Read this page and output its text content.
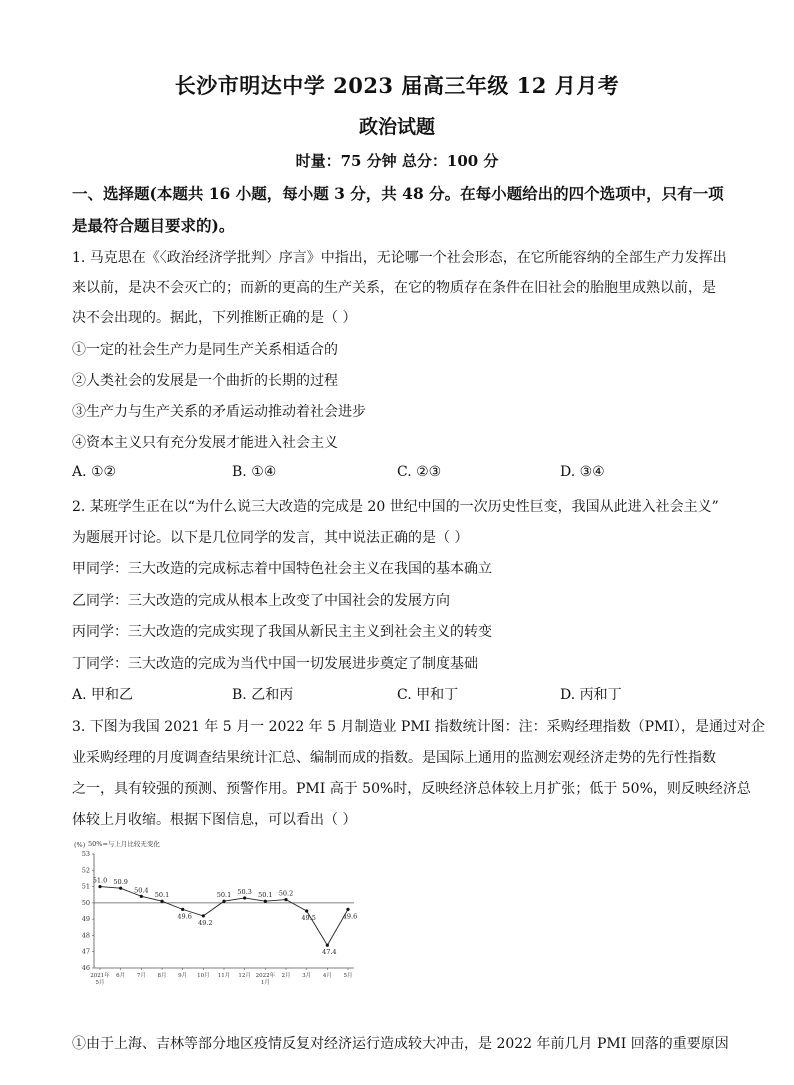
长沙市明达中学 2023 届高三年级 12 月月考
政治试题
时量：75 分钟 总分：100 分
一、选择题(本题共 16 小题，每小题 3 分，共 48 分。在每小题给出的四个选项中，只有一项
是最符合题目要求的)。
1. 马克思在《〈政治经济学批判〉序言》中指出，无论哪一个社会形态，在它所能容纳的全部生产力发挥出
来以前，是决不会灭亡的；而新的更高的生产关系，在它的物质存在条件在旧社会的胎胞里成熟以前，是
决不会出现的。据此，下列推断正确的是（ ）
①一定的社会生产力是同生产关系相适合的
②人类社会的发展是一个曲折的长期的过程
③生产力与生产关系的矛盾运动推动着社会进步
④资本主义只有充分发展才能进入社会主义
A. ①②	B. ①④	C. ②③	D. ③④
2. 某班学生正在以“为什么说三大改造的完成是 20 世纪中国的一次历史性巨变，我国从此进入社会主义”
为题展开讨论。以下是几位同学的发言，其中说法正确的是（ ）
甲同学：三大改造的完成标志着中国特色社会主义在我国的基本确立
乙同学：三大改造的完成从根本上改变了中国社会的发展方向
丙同学：三大改造的完成实现了我国从新民主主义到社会主义的转变
丁同学：三大改造的完成为当代中国一切发展进步奠定了制度基础
A. 甲和乙	B. 乙和丙	C. 甲和丁	D. 丙和丁
3. 下图为我国 2021 年 5 月一 2022 年 5 月制造业 PMI 指数统计图：注：采购经理指数（PMI），是通过对企
业采购经理的月度调查结果统计汇总、编制而成的指数。是国际上通用的监测宏观经济走势的先行性指数
之一，具有较强的预测、预警作用。PMI 高于 50%时，反映经济总体较上月扩张；低于 50%，则反映经济总
体较上月收缩。根据下图信息，可以看出（ ）
(%) 50%=与上月比较无变化
46
47
48
49
50
51
52
53
2021年
5月
6月 7月 8月 9月 10月 11月 12月 2022年
1月
2月 3月 4月 5月
51.0 50.9
50.4
50.1
49.6
49.2
50.1 50.3 50.1 50.2
49.5
47.4
49.6
①由于上海、吉林等部分地区疫情反复对经济运行造成较大冲击，是 2022 年前几月 PMI 回落的重要原因
